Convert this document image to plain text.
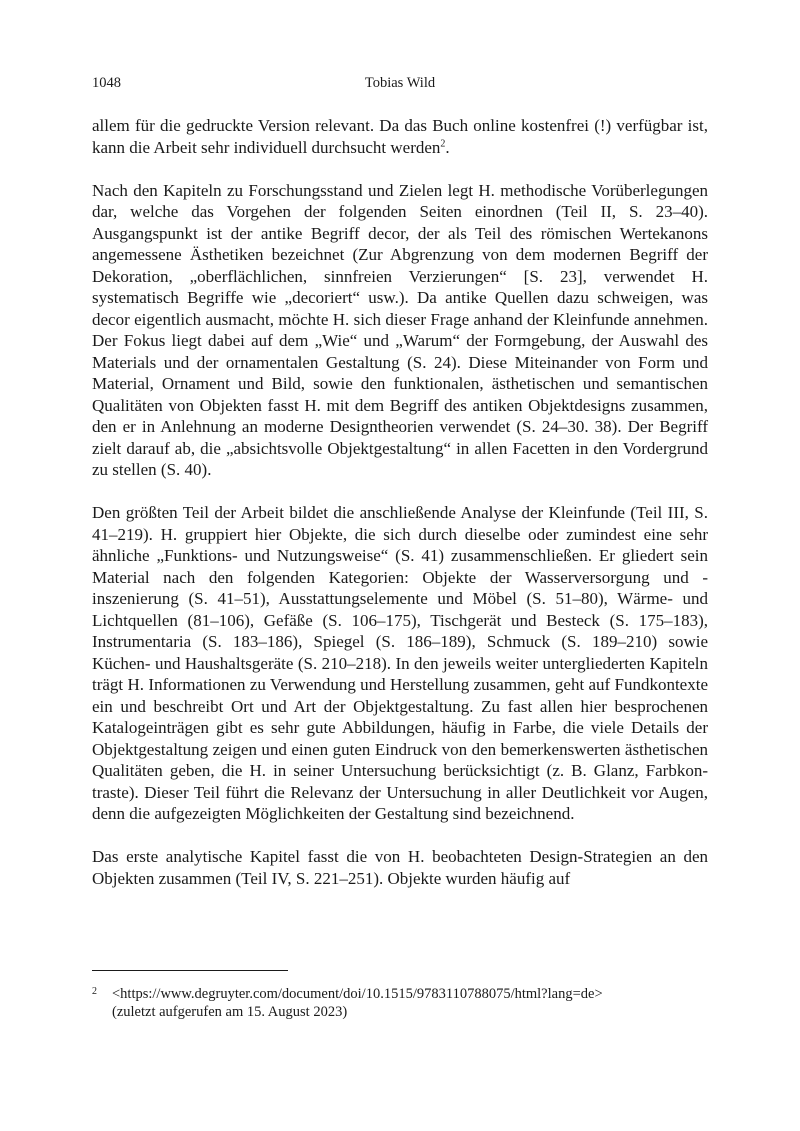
1048	Tobias Wild

allem für die gedruckte Version relevant. Da das Buch online kostenfrei (!) verfügbar ist, kann die Arbeit sehr individuell durchsucht werden$^2$.

Nach den Kapiteln zu Forschungsstand und Zielen legt H. methodische Vorüberlegungen dar, welche das Vorgehen der folgenden Seiten einordnen (Teil II, S. 23–40). Ausgangspunkt ist der antike Begriff decor, der als Teil des römischen Wertekanons angemessene Ästhetiken bezeichnet (Zur Abgrenzung von dem modernen Begriff der Dekoration, „oberflächlichen, sinnfreien Verzierungen“ [S. 23], verwendet H. systematisch Begriffe wie „decoriert“ usw.). Da antike Quellen dazu schweigen, was decor eigentlich ausmacht, möchte H. sich dieser Frage anhand der Kleinfunde annehmen. Der Fokus liegt dabei auf dem „Wie“ und „Warum“ der Formgebung, der Auswahl des Materials und der ornamentalen Gestaltung (S. 24). Diese Miteinander von Form und Material, Ornament und Bild, sowie den funktionalen, ästhetischen und semantischen Qualitäten von Objekten fasst H. mit dem Begriff des antiken Objektdesigns zusammen, den er in Anlehnung an moderne Designtheorien verwendet (S. 24–30. 38). Der Begriff zielt darauf ab, die „absichtsvolle Objektgestaltung“ in allen Facetten in den Vordergrund zu stellen (S. 40).

Den größten Teil der Arbeit bildet die anschließende Analyse der Kleinfunde (Teil III, S. 41–219). H. gruppiert hier Objekte, die sich durch dieselbe oder zumindest eine sehr ähnliche „Funktions- und Nutzungsweise“ (S. 41) zusammenschließen. Er gliedert sein Material nach den folgenden Kategorien: Objekte der Wasserversorgung und -inszenierung (S. 41–51), Ausstattungselemente und Möbel (S. 51–80), Wärme- und Lichtquellen (81–106), Gefäße (S. 106–175), Tischgerät und Besteck (S. 175–183), Instrumentaria (S. 183–186), Spiegel (S. 186–189), Schmuck (S. 189–210) sowie Küchen- und Haushaltsgeräte (S. 210–218). In den jeweils weiter untergliederten Kapiteln trägt H. Informationen zu Verwendung und Herstellung zusammen, geht auf Fundkontexte ein und beschreibt Ort und Art der Objektgestaltung. Zu fast allen hier besprochenen Katalogeinträgen gibt es sehr gute Abbildungen, häufig in Farbe, die viele Details der Objektgestaltung zeigen und einen guten Eindruck von den bemerkenswerten ästhetischen Qualitäten geben, die H. in seiner Untersuchung berücksichtigt (z. B. Glanz, Farbkontraste). Dieser Teil führt die Relevanz der Untersuchung in aller Deutlichkeit vor Augen, denn die aufgezeigten Möglichkeiten der Gestaltung sind bezeichnend.

Das erste analytische Kapitel fasst die von H. beobachteten Design-Strategien an den Objekten zusammen (Teil IV, S. 221–251). Objekte wurden häufig auf

2 <https://www.degruyter.com/document/doi/10.1515/9783110788075/html?lang=de>
(zuletzt aufgerufen am 15. August 2023)
